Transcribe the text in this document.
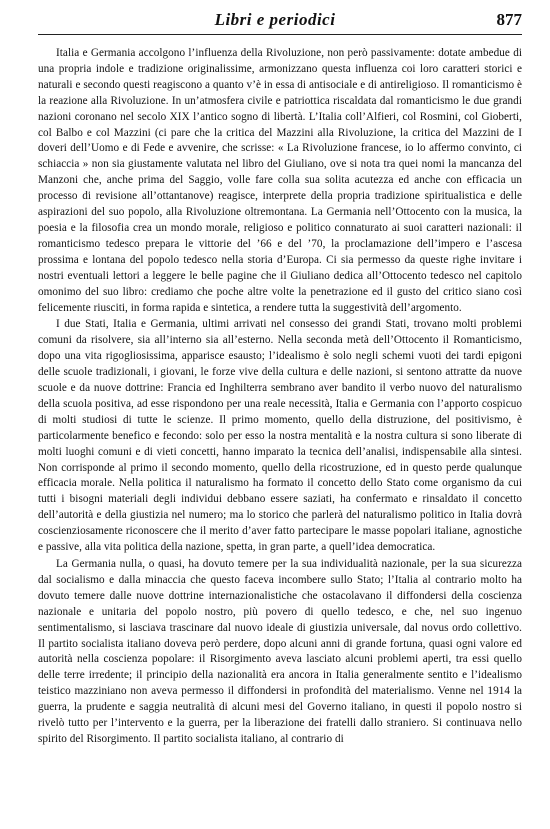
Libri e periodici	877

Italia e Germania accolgono l’influenza della Rivoluzione, non però passivamente: dotate ambedue di una propria indole e tradizione originalissime, armonizzano questa influenza coi loro caratteri storici e naturali e secondo questi reagiscono a quanto v’è in essa di antisociale e di antireligioso. Il romanticismo è la reazione alla Rivoluzione. In un’atmosfera civile e patriottica riscaldata dal romanticismo le due grandi nazioni coronano nel secolo XIX l’antico sogno di libertà. L’Italia coll’Alfieri, col Rosmini, col Gioberti, col Balbo e col Mazzini (ci pare che la critica del Mazzini alla Rivoluzione, la critica del Mazzini de I doveri dell’Uomo e di Fede e avvenire, che scrisse: « La Rivoluzione francese, io lo affermo convinto, ci schiaccia » non sia giustamente valutata nel libro del Giuliano, ove si nota tra quei nomi la mancanza del Manzoni che, anche prima del Saggio, volle fare colla sua solita acutezza ed anche con efficacia un processo di revisione all’ottantanove) reagisce, interprete della propria tradizione spiritualistica e delle aspirazioni del suo popolo, alla Rivoluzione oltremontana. La Germania nell’Ottocento con la musica, la poesia e la filosofia crea un mondo morale, religioso e politico connaturato ai suoi caratteri nazionali: il romanticismo tedesco prepara le vittorie del ’66 e del ’70, la proclamazione dell’impero e l’ascesa prossima e lontana del popolo tedesco nella storia d’Europa. Ci sia permesso da queste righe invitare i nostri eventuali lettori a leggere le belle pagine che il Giuliano dedica all’Ottocento tedesco nel capitolo omonimo del suo libro: crediamo che poche altre volte la penetrazione ed il gusto del critico siano così felicemente riusciti, in forma rapida e sintetica, a rendere tutta la suggestività dell’argomento.

I due Stati, Italia e Germania, ultimi arrivati nel consesso dei grandi Stati, trovano molti problemi comuni da risolvere, sia all’interno sia all’esterno. Nella seconda metà dell’Ottocento il Romanticismo, dopo una vita rigogliosissima, apparisce esausto; l’idealismo è solo negli schemi vuoti dei tardi epigoni delle scuole tradizionali, i giovani, le forze vive della cultura e delle nazioni, si sentono attratte da nuove scuole e da nuove dottrine: Francia ed Inghilterra sembrano aver bandito il verbo nuovo del naturalismo della scuola positiva, ad esse rispondono per una reale necessità, Italia e Germania con l’apporto cospicuo di molti studiosi di tutte le scienze. Il primo momento, quello della distruzione, del positivismo, è particolarmente benefico e fecondo: solo per esso la nostra mentalità e la nostra cultura si sono liberate di molti luoghi comuni e di vieti concetti, hanno imparato la tecnica dell’analisi, indispensabile alla sintesi. Non corrisponde al primo il secondo momento, quello della ricostruzione, ed in questo perde qualunque efficacia morale. Nella politica il naturalismo ha formato il concetto dello Stato come organismo da cui tutti i bisogni materiali degli individui debbano essere saziati, ha confermato e rinsaldato il concetto dell’autorità e della giustizia nel numero; ma lo storico che parlerà del naturalismo politico in Italia dovrà coscienziosamente riconoscere che il merito d’aver fatto partecipare le masse popolari italiane, agnostiche e passive, alla vita politica della nazione, spetta, in gran parte, a quell’idea democratica.

La Germania nulla, o quasi, ha dovuto temere per la sua individualità nazionale, per la sua sicurezza dal socialismo e dalla minaccia che questo faceva incombere sullo Stato; l’Italia al contrario molto ha dovuto temere dalle nuove dottrine internazionalistiche che ostacolavano il diffondersi della coscienza nazionale e unitaria del popolo nostro, più povero di quello tedesco, e che, nel suo ingenuo sentimentalismo, si lasciava trascinare dal nuovo ideale di giustizia universale, dal novus ordo collettivo. Il partito socialista italiano doveva però perdere, dopo alcuni anni di grande fortuna, quasi ogni valore ed autorità nella coscienza popolare: il Risorgimento aveva lasciato alcuni problemi aperti, tra essi quello delle terre irredente; il principio della nazionalità era ancora in Italia generalmente sentito e l’idealismo teistico mazziniano non aveva permesso il diffondersi in profondità del materialismo. Venne nel 1914 la guerra, la prudente e saggia neutralità di alcuni mesi del Governo italiano, in questi il popolo nostro si rivelò tutto per l’intervento e la guerra, per la liberazione dei fratelli dallo straniero. Si continuava nello spirito del Risorgimento. Il partito socialista italiano, al contrario di
